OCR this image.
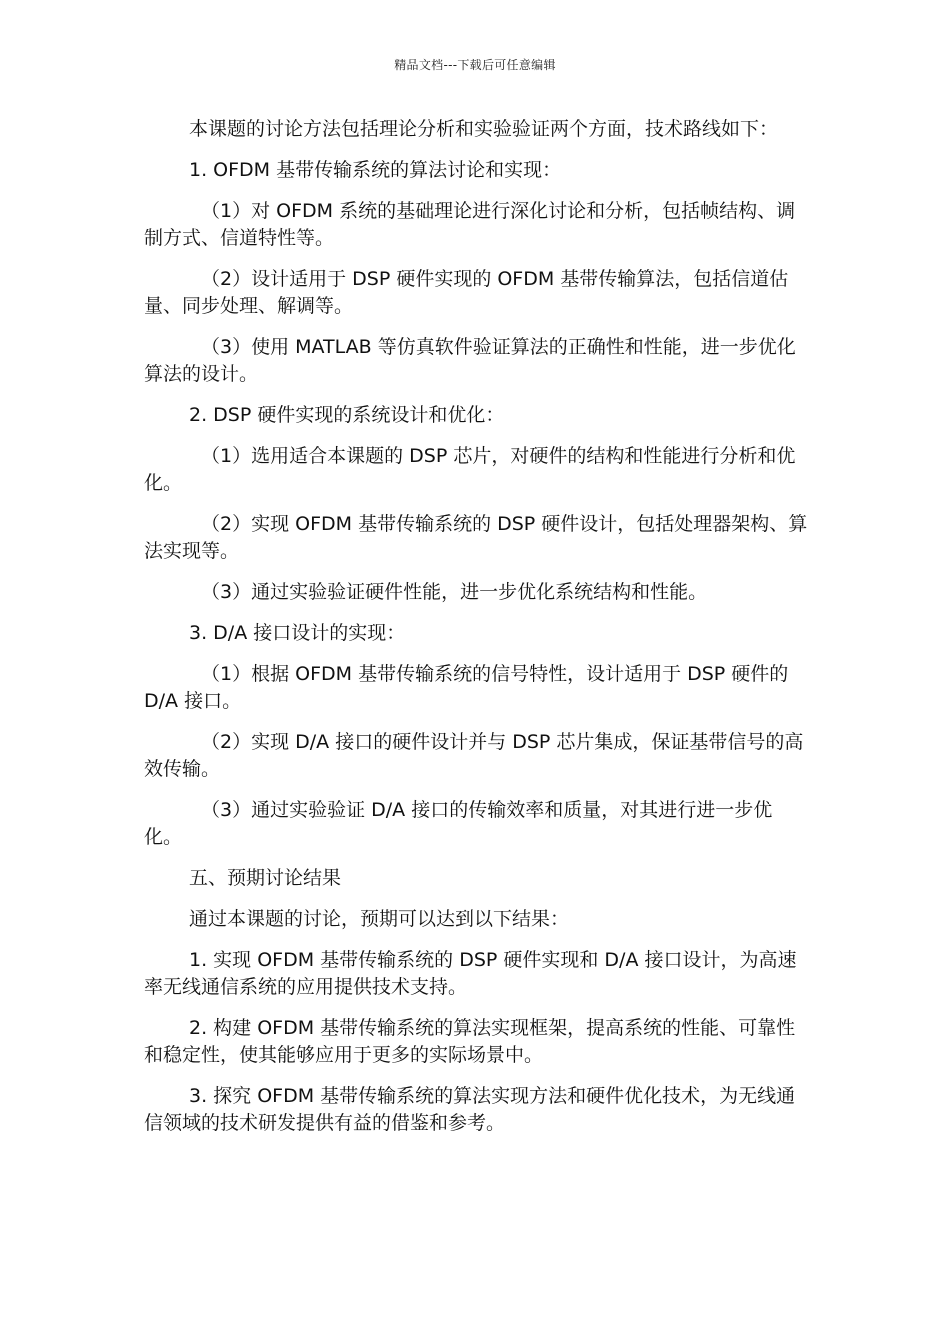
精品文档---下载后可任意编辑

本课题的讨论方法包括理论分析和实验验证两个方面，技术路线如下：

1. OFDM 基带传输系统的算法讨论和实现：

（1）对 OFDM 系统的基础理论进行深化讨论和分析，包括帧结构、调制方式、信道特性等。

（2）设计适用于 DSP 硬件实现的 OFDM 基带传输算法，包括信道估量、同步处理、解调等。

（3）使用 MATLAB 等仿真软件验证算法的正确性和性能，进一步优化算法的设计。

2. DSP 硬件实现的系统设计和优化：

（1）选用适合本课题的 DSP 芯片，对硬件的结构和性能进行分析和优化。

（2）实现 OFDM 基带传输系统的 DSP 硬件设计，包括处理器架构、算法实现等。

（3）通过实验验证硬件性能，进一步优化系统结构和性能。

3. D/A 接口设计的实现：

（1）根据 OFDM 基带传输系统的信号特性，设计适用于 DSP 硬件的 D/A 接口。

（2）实现 D/A 接口的硬件设计并与 DSP 芯片集成，保证基带信号的高效传输。

（3）通过实验验证 D/A 接口的传输效率和质量，对其进行进一步优化。

五、预期讨论结果

通过本课题的讨论，预期可以达到以下结果：

1. 实现 OFDM 基带传输系统的 DSP 硬件实现和 D/A 接口设计，为高速率无线通信系统的应用提供技术支持。

2. 构建 OFDM 基带传输系统的算法实现框架，提高系统的性能、可靠性和稳定性，使其能够应用于更多的实际场景中。

3. 探究 OFDM 基带传输系统的算法实现方法和硬件优化技术，为无线通信领域的技术研发提供有益的借鉴和参考。
